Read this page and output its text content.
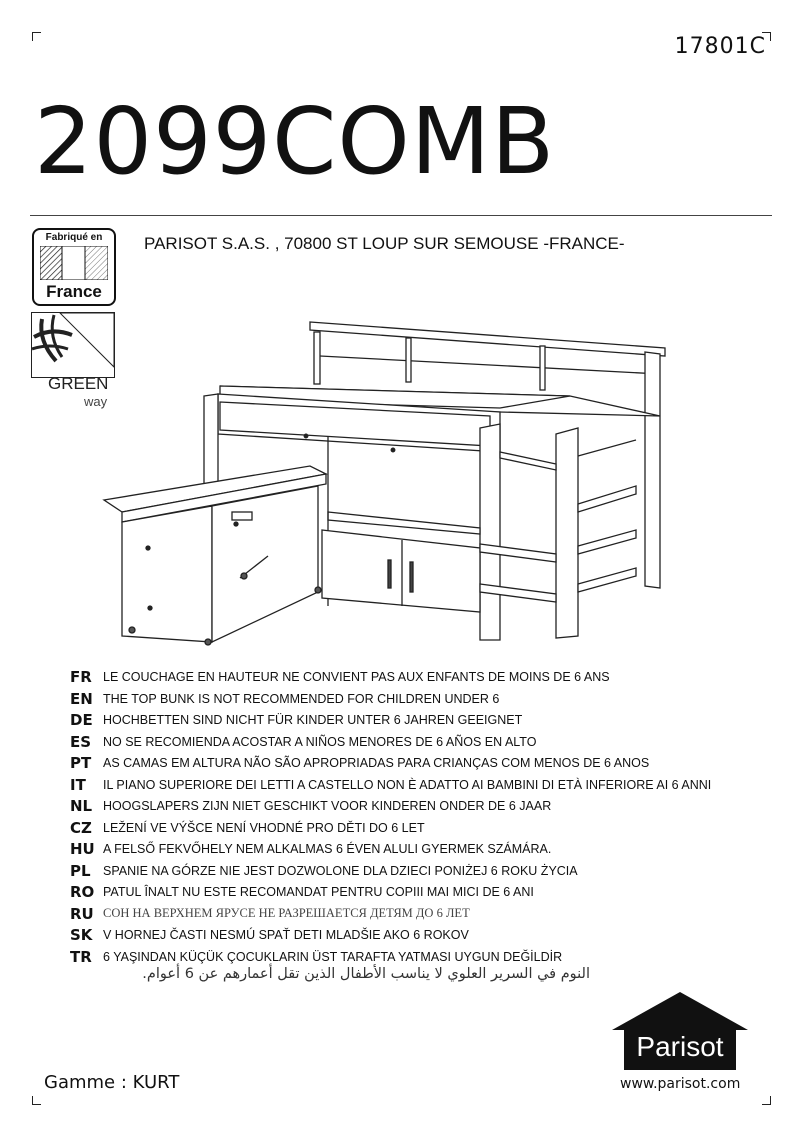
17801C
2099COMB
Fabriqué en
France
PARISOT S.A.S. , 70800 ST LOUP SUR SEMOUSE -FRANCE-
GREEN
way
FR LE COUCHAGE EN HAUTEUR NE CONVIENT PAS AUX ENFANTS DE MOINS DE 6 ANS
EN THE TOP BUNK IS NOT RECOMMENDED FOR CHILDREN UNDER 6
DE HOCHBETTEN SIND NICHT FÜR KINDER UNTER 6 JAHREN GEEIGNET
ES NO SE RECOMIENDA ACOSTAR A NIÑOS MENORES DE 6 AÑOS EN ALTO
PT AS CAMAS EM ALTURA NÃO SÃO APROPRIADAS PARA CRIANÇAS COM MENOS DE 6 ANOS
IT	IL PIANO SUPERIORE DEI LETTI A CASTELLO NON È ADATTO AI BAMBINI DI ETÀ INFERIORE AI 6 ANNI
NL HOOGSLAPERS ZIJN NIET GESCHIKT VOOR KINDEREN ONDER DE 6 JAAR
CZ LEŽENÍ VE VÝŠCE NENÍ VHODNÉ PRO DĚTI DO 6 LET
HU A FELSŐ FEKVŐHELY NEM ALKALMAS 6 ÉVEN ALULI GYERMEK SZÁMÁRA.
PL SPANIE NA GÓRZE NIE JEST DOZWOLONE DLA DZIECI PONIŻEJ 6 ROKU ŻYCIA
RO PATUL ÎNALT NU ESTE RECOMANDAT PENTRU COPIII MAI MICI DE 6 ANI
RU СОН НА ВЕРХНЕМ ЯРУСЕ НЕ РАЗРЕШАЕТСЯ ДЕТЯМ ДО 6 ЛЕТ
SK V HORNEJ ČASTI NESMÚ SPAŤ DETI MLADŠIE AKO 6 ROKOV
TR 6 YAŞINDAN KÜÇÜK ÇOCUKLARIN ÜST TARAFTA YATMASI UYGUN DEĞİLDİR
النوم في السرير العلوي لا يناسب الأطفال الذين تقل أعمارهم عن 6 أعوام.
Gamme : KURT
Parisot
www.parisot.com
